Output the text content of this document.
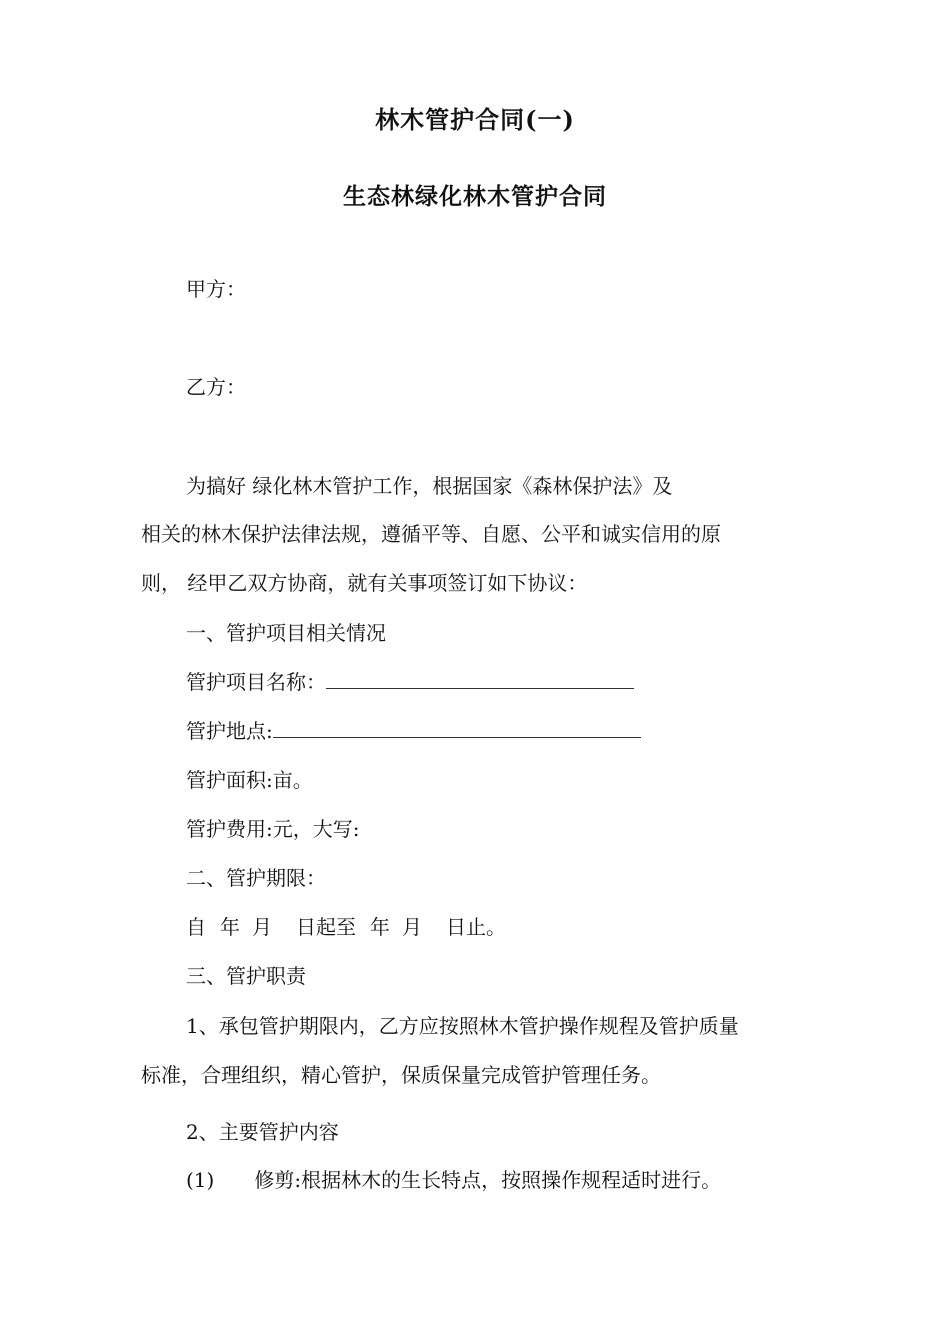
林木管护合同(一)
生态林绿化林木管护合同

甲方：

乙方：

为搞好 绿化林木管护工作，根据国家《森林保护法》及

相关的林木保护法律法规，遵循平等、自愿、公平和诚实信用的原

则， 经甲乙双方协商，就有关事项签订如下协议：

一、管护项目相关情况

管护项目名称：

管护地点:

管护面积:亩。

管护费用:元，大写:

二、管护期限：

自 年 月 日起至 年 月 日止。

三、管护职责

1、承包管护期限内，乙方应按照林木管护操作规程及管护质量

标准，合理组织，精心管护，保质保量完成管护管理任务。

2、主要管护内容

(1) 修剪:根据林木的生长特点，按照操作规程适时进行。
